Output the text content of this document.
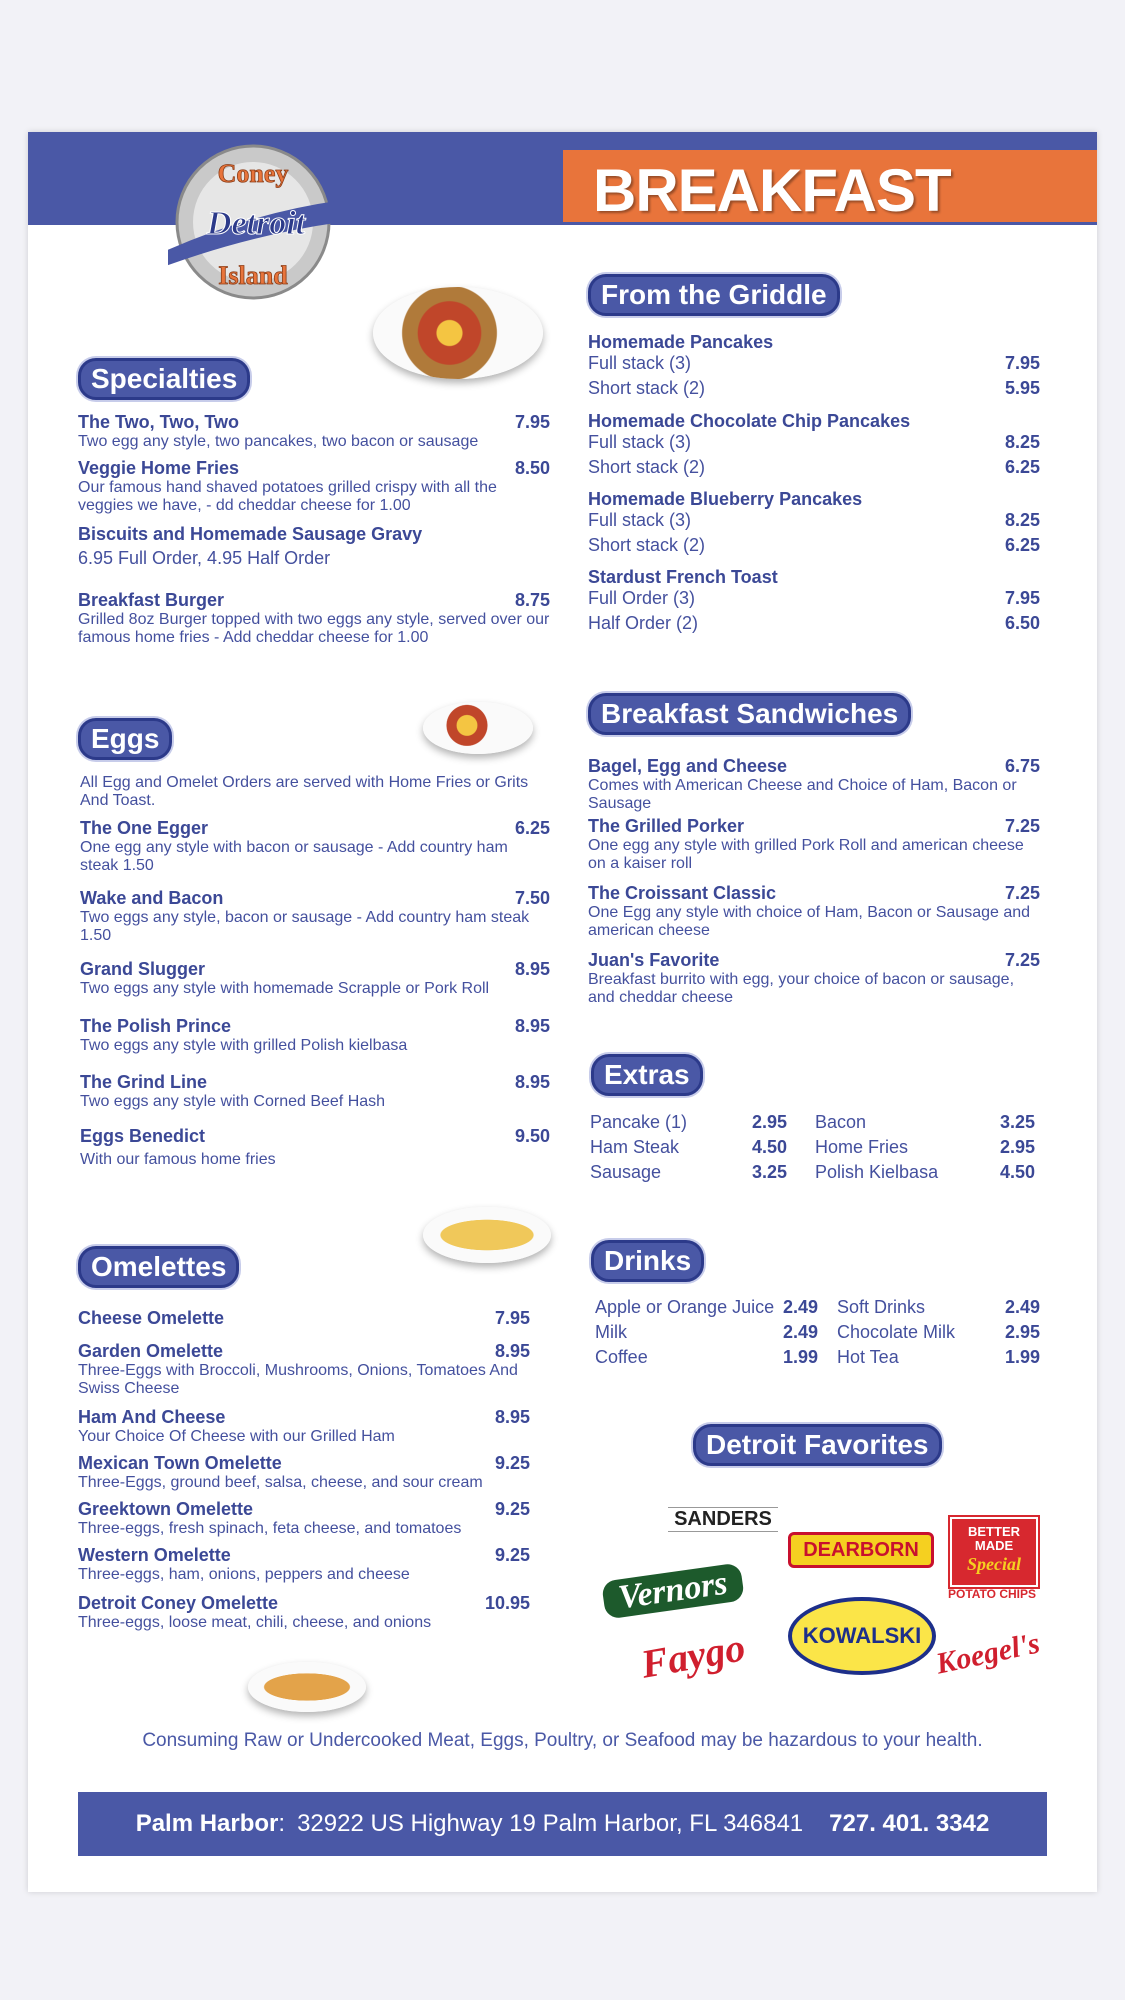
BREAKFAST
Coney
Detroit
Island
Specialties
The Two, Two, Two	7.95
Two egg any style, two pancakes, two bacon or sausage
Veggie Home Fries	8.50
Our famous hand shaved potatoes grilled crispy with all the veggies we have, - dd cheddar cheese for 1.00
Biscuits and Homemade Sausage Gravy
6.95 Full Order, 4.95 Half Order
Breakfast Burger	8.75
Grilled 8oz Burger topped with two eggs any style, served over our famous home fries - Add cheddar cheese for 1.00
Eggs
All Egg and Omelet Orders are served with Home Fries or Grits And Toast.
The One Egger	6.25
One egg any style with bacon or sausage - Add country ham steak 1.50
Wake and Bacon	7.50
Two eggs any style, bacon or sausage - Add country ham steak 1.50
Grand Slugger	8.95
Two eggs any style with homemade Scrapple or Pork Roll
The Polish Prince	8.95
Two eggs any style with grilled Polish kielbasa
The Grind Line	8.95
Two eggs any style with Corned Beef Hash
Eggs Benedict	9.50
With our famous home fries
Omelettes
Cheese Omelette	7.95
Garden Omelette	8.95
Three-Eggs with Broccoli, Mushrooms, Onions, Tomatoes And Swiss Cheese
Ham And Cheese	8.95
Your Choice Of Cheese with our Grilled Ham
Mexican Town Omelette	9.25
Three-Eggs, ground beef, salsa, cheese, and sour cream
Greektown Omelette	9.25
Three-eggs, fresh spinach, feta cheese, and tomatoes
Western Omelette	9.25
Three-eggs, ham, onions, peppers and cheese
Detroit Coney Omelette	10.95
Three-eggs, loose meat, chili, cheese, and onions
From the Griddle
Homemade Pancakes
Full stack (3)	7.95
Short stack (2)	5.95
Homemade Chocolate Chip Pancakes
Full stack (3)	8.25
Short stack (2)	6.25
Homemade Blueberry Pancakes
Full stack (3)	8.25
Short stack (2)	6.25
Stardust French Toast
Full Order (3)	7.95
Half Order (2)	6.50
Breakfast Sandwiches
Bagel, Egg and Cheese	6.75
Comes with American Cheese and Choice of Ham, Bacon or Sausage
The Grilled Porker	7.25
One egg any style with grilled Pork Roll and american cheese on a kaiser roll
The Croissant Classic	7.25
One Egg any style with choice of Ham, Bacon or Sausage and american cheese
Juan's Favorite	7.25
Breakfast burrito with egg, your choice of bacon or sausage, and cheddar cheese
Extras
Pancake (1)	2.95 Bacon	3.25
Ham Steak	4.50 Home Fries	2.95
Sausage	3.25 Polish Kielbasa	4.50
Drinks
Apple or Orange Juice 2.49 Soft Drinks	2.49
Milk	2.49 Chocolate Milk	2.95
Coffee	1.99 Hot Tea	1.99
Detroit Favorites
SANDERS
DEARBORN
BETTER MADE
Special
POTATO CHIPS
Vernors
KOWALSKI
Faygo	Koegel's
Consuming Raw or Undercooked Meat, Eggs, Poultry, or Seafood may be hazardous to your health.
Palm Harbor: 32922 US Highway 19 Palm Harbor, FL 346841 727. 401. 3342
